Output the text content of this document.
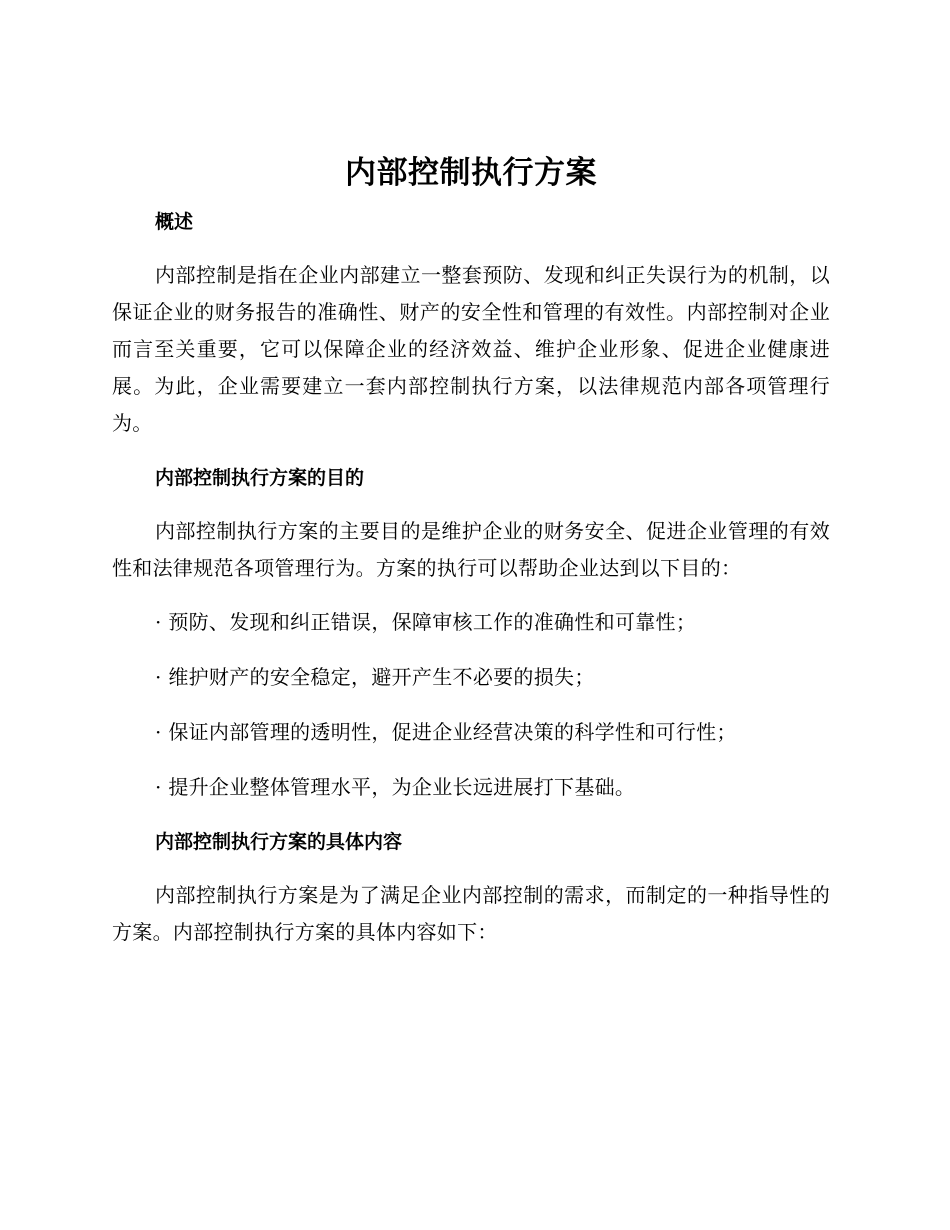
内部控制执行方案
概述

内部控制是指在企业内部建立一整套预防、发现和纠正失误行为的机制，以保证企业的财务报告的准确性、财产的安全性和管理的有效性。内部控制对企业而言至关重要，它可以保障企业的经济效益、维护企业形象、促进企业健康进展。为此，企业需要建立一套内部控制执行方案，以法律规范内部各项管理行为。

内部控制执行方案的目的

内部控制执行方案的主要目的是维护企业的财务安全、促进企业管理的有效性和法律规范各项管理行为。方案的执行可以帮助企业达到以下目的：

· 预防、发现和纠正错误，保障审核工作的准确性和可靠性；
· 维护财产的安全稳定，避开产生不必要的损失；
· 保证内部管理的透明性，促进企业经营决策的科学性和可行性；
· 提升企业整体管理水平，为企业长远进展打下基础。
内部控制执行方案的具体内容

内部控制执行方案是为了满足企业内部控制的需求，而制定的一种指导性的方案。内部控制执行方案的具体内容如下：
